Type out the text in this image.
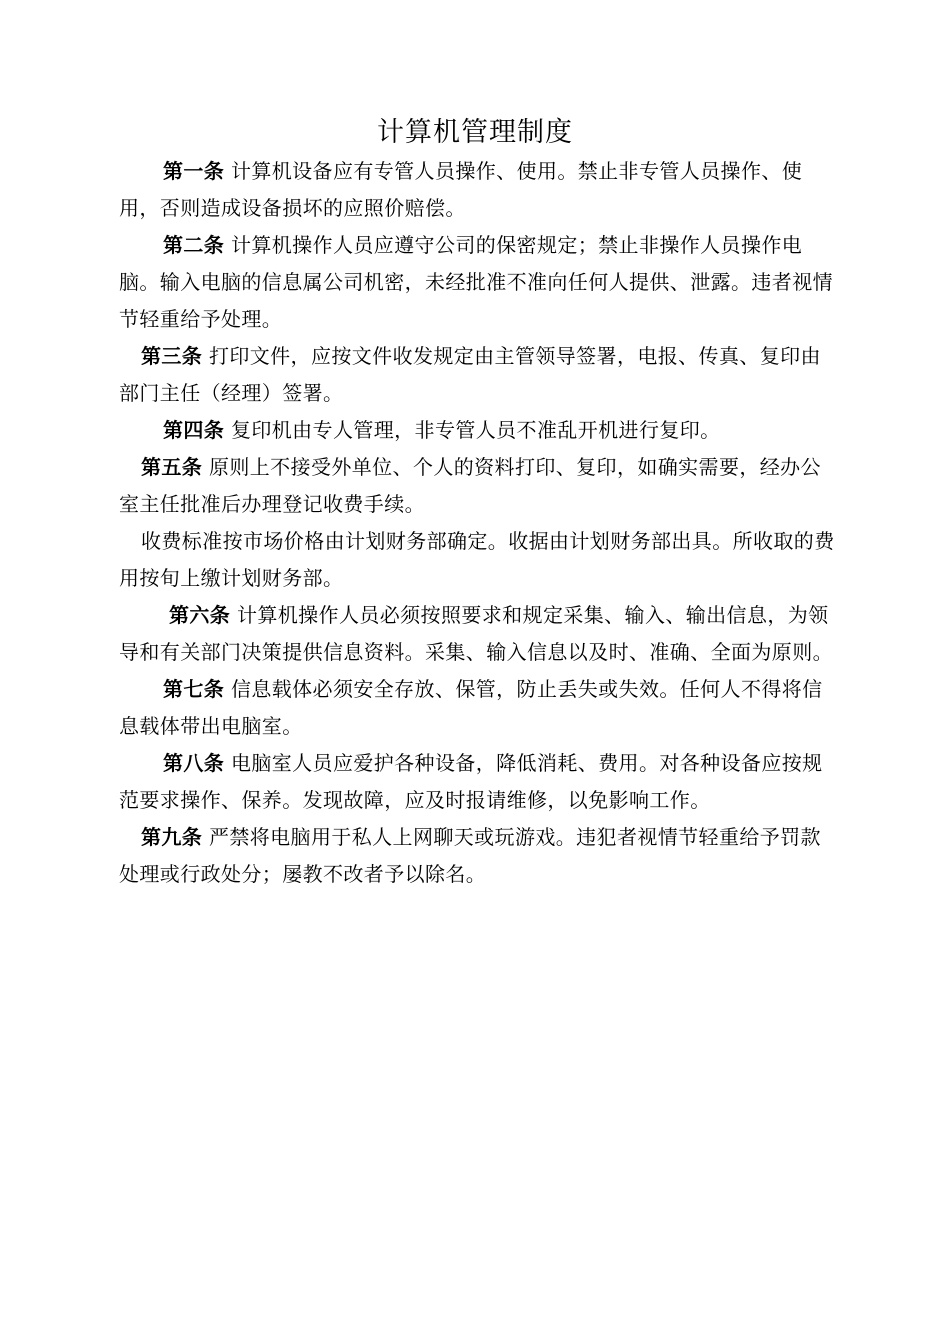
计算机管理制度

第一条 计算机设备应有专管人员操作、使用。禁止非专管人员操作、使用，否则造成设备损坏的应照价赔偿。

第二条 计算机操作人员应遵守公司的保密规定；禁止非操作人员操作电脑。输入电脑的信息属公司机密，未经批准不准向任何人提供、泄露。违者视情节轻重给予处理。

第三条 打印文件，应按文件收发规定由主管领导签署，电报、传真、复印由部门主任（经理）签署。

第四条 复印机由专人管理，非专管人员不准乱开机进行复印。

第五条 原则上不接受外单位、个人的资料打印、复印，如确实需要，经办公室主任批准后办理登记收费手续。

收费标准按市场价格由计划财务部确定。收据由计划财务部出具。所收取的费用按旬上缴计划财务部。

第六条 计算机操作人员必须按照要求和规定采集、输入、输出信息，为领导和有关部门决策提供信息资料。采集、输入信息以及时、准确、全面为原则。

第七条 信息载体必须安全存放、保管，防止丢失或失效。任何人不得将信息载体带出电脑室。

第八条 电脑室人员应爱护各种设备，降低消耗、费用。对各种设备应按规范要求操作、保养。发现故障，应及时报请维修，以免影响工作。

第九条 严禁将电脑用于私人上网聊天或玩游戏。违犯者视情节轻重给予罚款处理或行政处分；屡教不改者予以除名。
